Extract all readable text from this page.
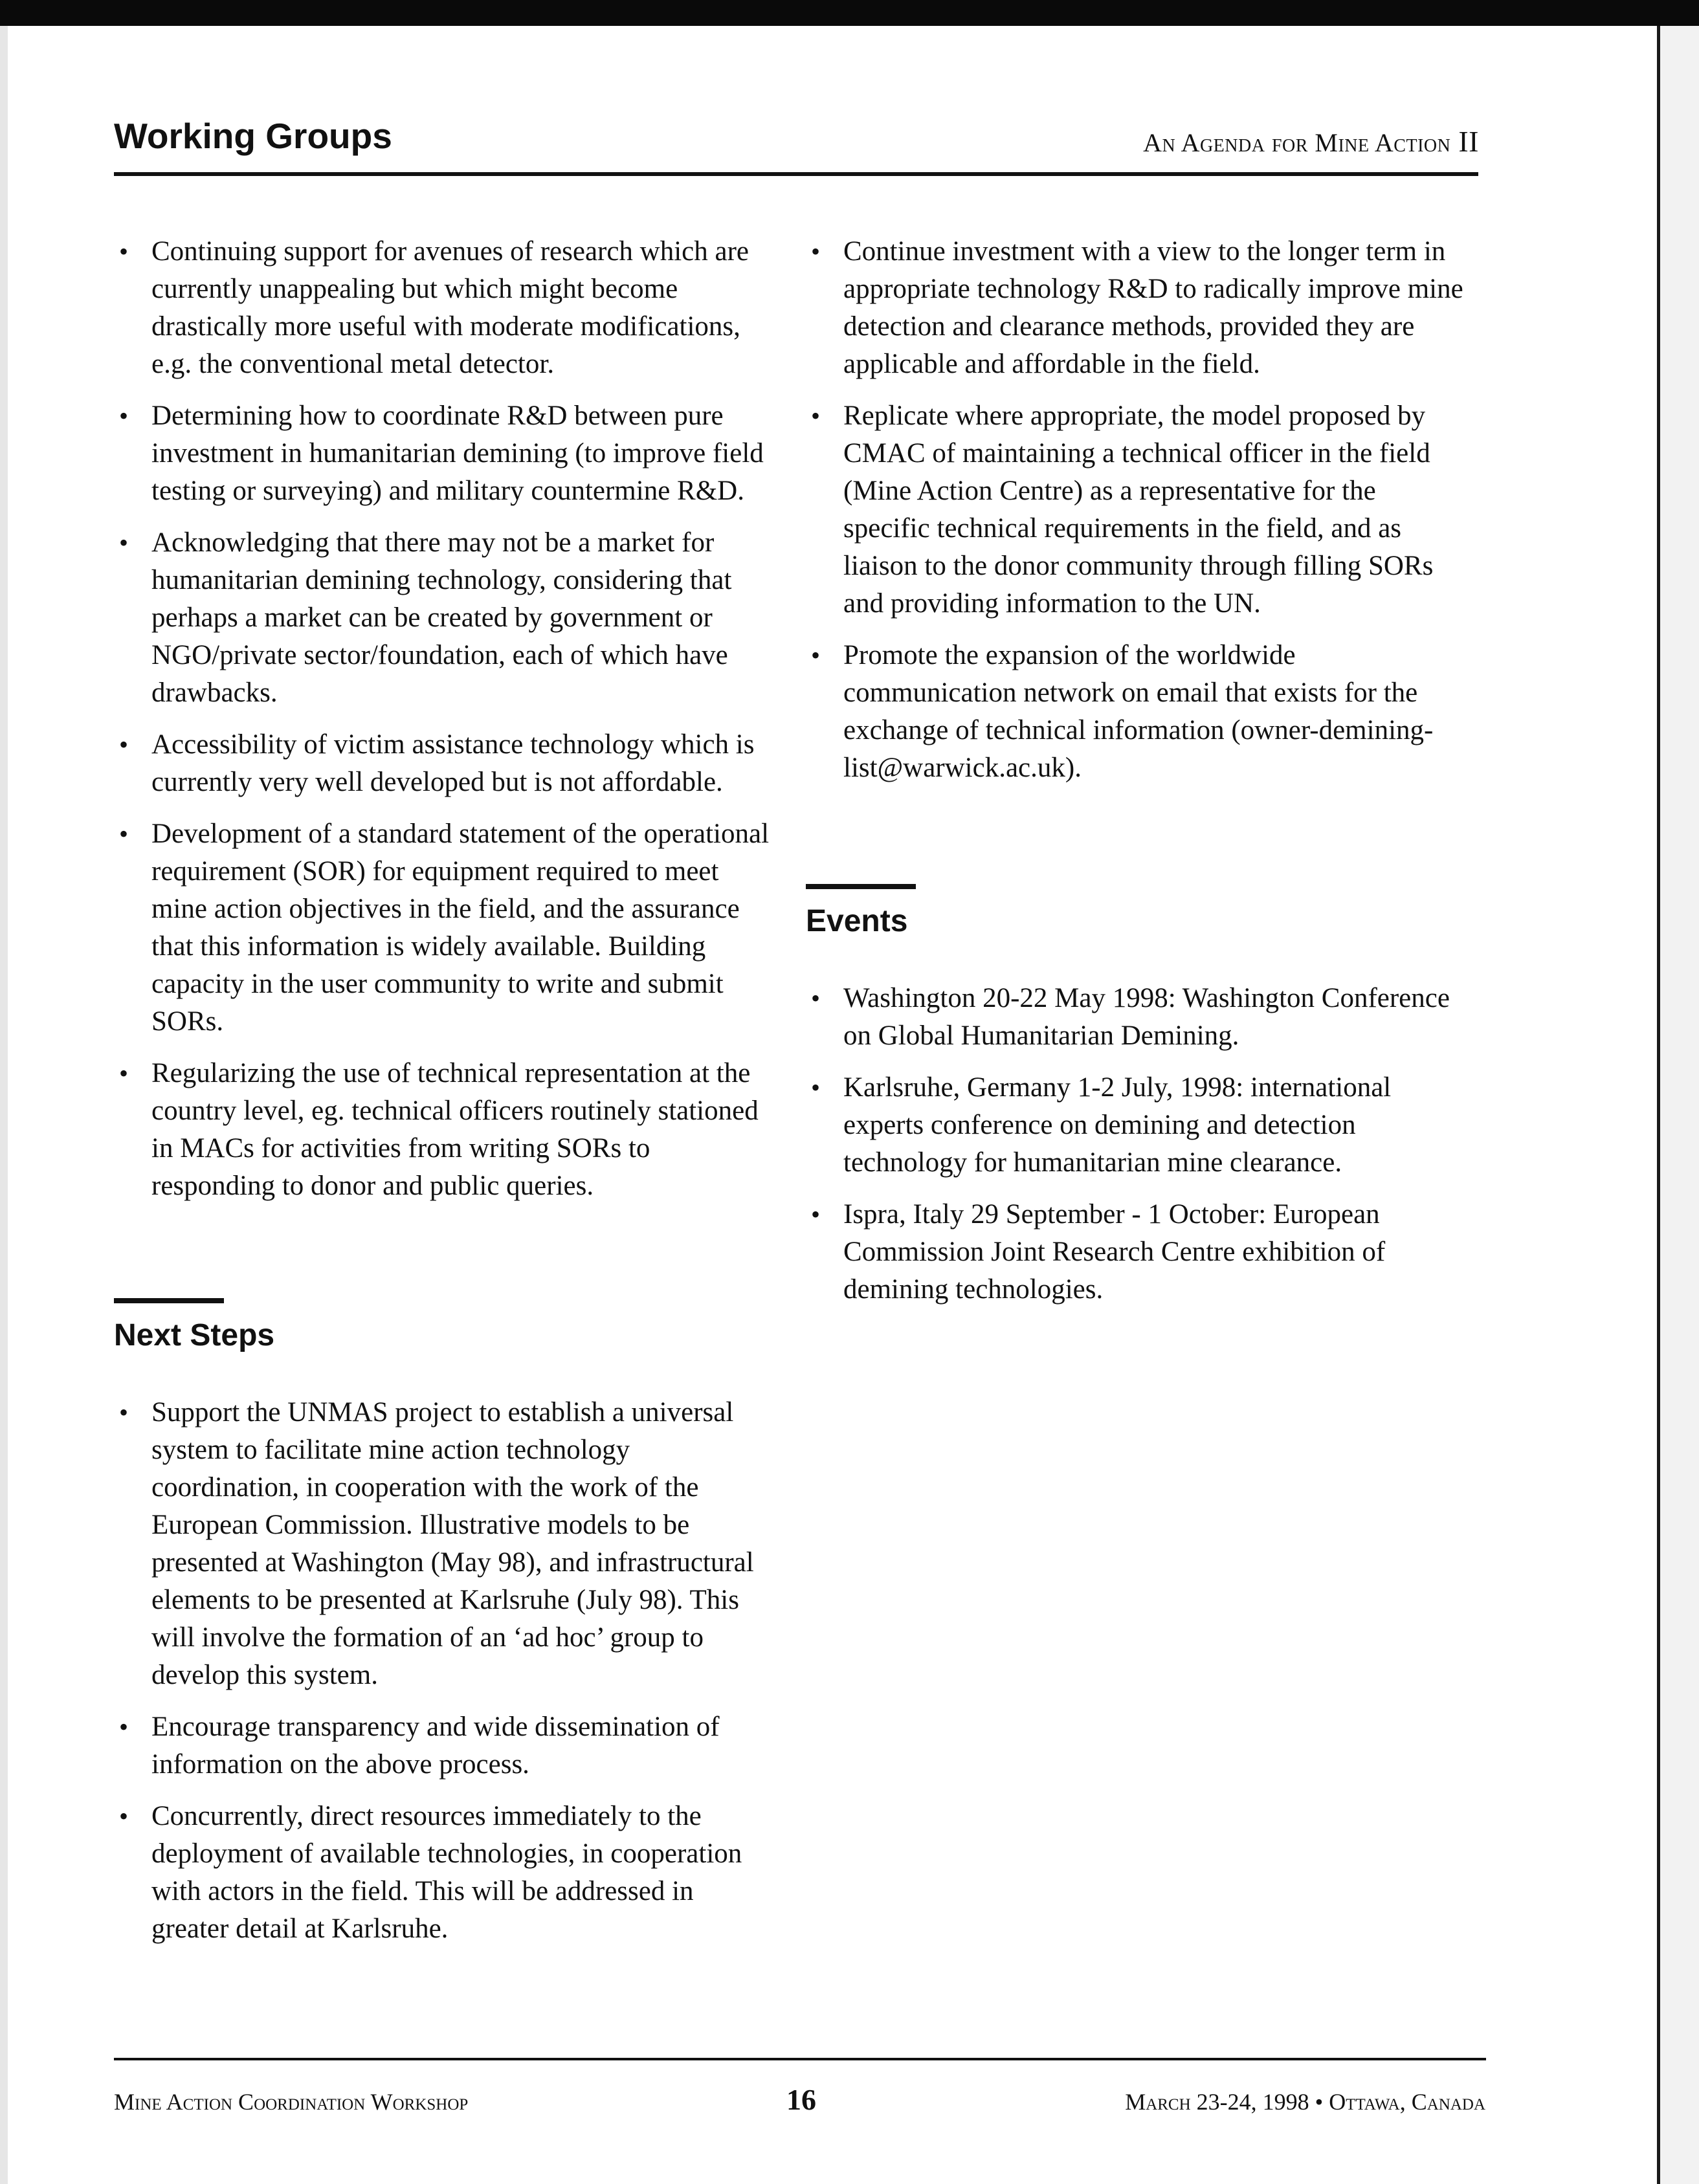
Working Groups	An Agenda for Mine Action II
• Continuing support for avenues of research which are currently unappealing but which might become drastically more useful with moderate modifications, e.g. the conventional metal detector.
• Determining how to coordinate R&D between pure investment in humanitarian demining (to improve field testing or surveying) and military countermine R&D.
• Acknowledging that there may not be a market for humanitarian demining technology, considering that perhaps a market can be created by government or NGO/private sector/foundation, each of which have drawbacks.
• Accessibility of victim assistance technology which is currently very well developed but is not affordable.
• Development of a standard statement of the operational requirement (SOR) for equipment required to meet mine action objectives in the field, and the assurance that this information is widely available. Building capacity in the user community to write and submit SORs.
• Regularizing the use of technical representation at the country level, eg. technical officers routinely stationed in MACs for activities from writing SORs to responding to donor and public queries.
Next Steps
• Support the UNMAS project to establish a universal system to facilitate mine action technology coordination, in cooperation with the work of the European Commission. Illustrative models to be presented at Washington (May 98), and infrastructural elements to be presented at Karlsruhe (July 98). This will involve the formation of an ‘ad hoc’ group to develop this system.
• Encourage transparency and wide dissemination of information on the above process.
• Concurrently, direct resources immediately to the deployment of available technologies, in cooperation with actors in the field. This will be addressed in greater detail at Karlsruhe.
• Continue investment with a view to the longer term in appropriate technology R&D to radically improve mine detection and clearance methods, provided they are applicable and affordable in the field.
• Replicate where appropriate, the model proposed by CMAC of maintaining a technical officer in the field (Mine Action Centre) as a representative for the specific technical requirements in the field, and as liaison to the donor community through filling SORs and providing information to the UN.
• Promote the expansion of the worldwide communication network on email that exists for the exchange of technical information (owner-demining-list@warwick.ac.uk).
Events
• Washington 20-22 May 1998: Washington Conference on Global Humanitarian Demining.
• Karlsruhe, Germany 1-2 July, 1998: international experts conference on demining and detection technology for humanitarian mine clearance.
• Ispra, Italy 29 September - 1 October: European Commission Joint Research Centre exhibition of demining technologies.
Mine Action Coordination Workshop	16	March 23-24, 1998 • Ottawa, Canada
